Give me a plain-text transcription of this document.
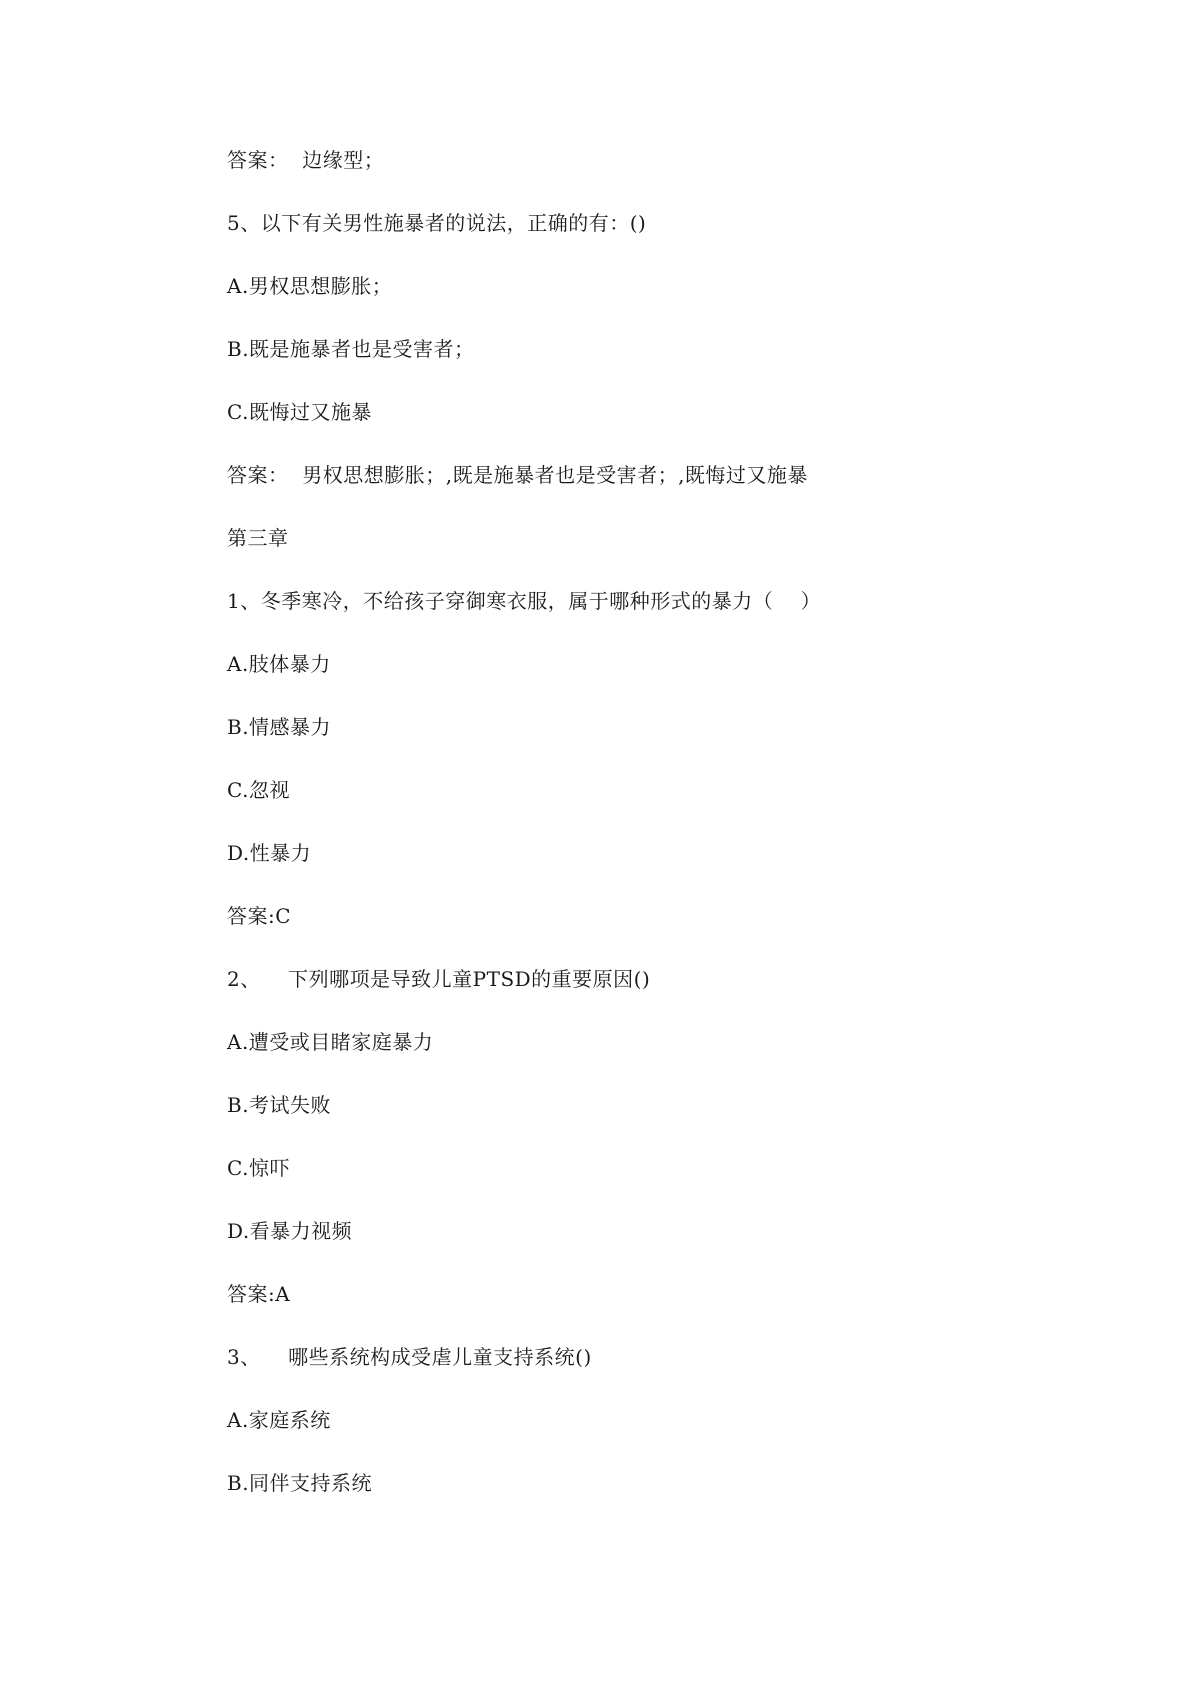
答案：  边缘型；
5、以下有关男性施暴者的说法，正确的有：()
A.男权思想膨胀；
B.既是施暴者也是受害者；
C.既悔过又施暴
答案：  男权思想膨胀；,既是施暴者也是受害者；,既悔过又施暴
第三章
1、冬季寒冷，不给孩子穿御寒衣服，属于哪种形式的暴力（    ）
A.肢体暴力
B.情感暴力
C.忽视
D.性暴力
答案:C
2、    下列哪项是导致儿童PTSD的重要原因()
A.遭受或目睹家庭暴力
B.考试失败
C.惊吓
D.看暴力视频
答案:A
3、    哪些系统构成受虐儿童支持系统()
A.家庭系统
B.同伴支持系统
